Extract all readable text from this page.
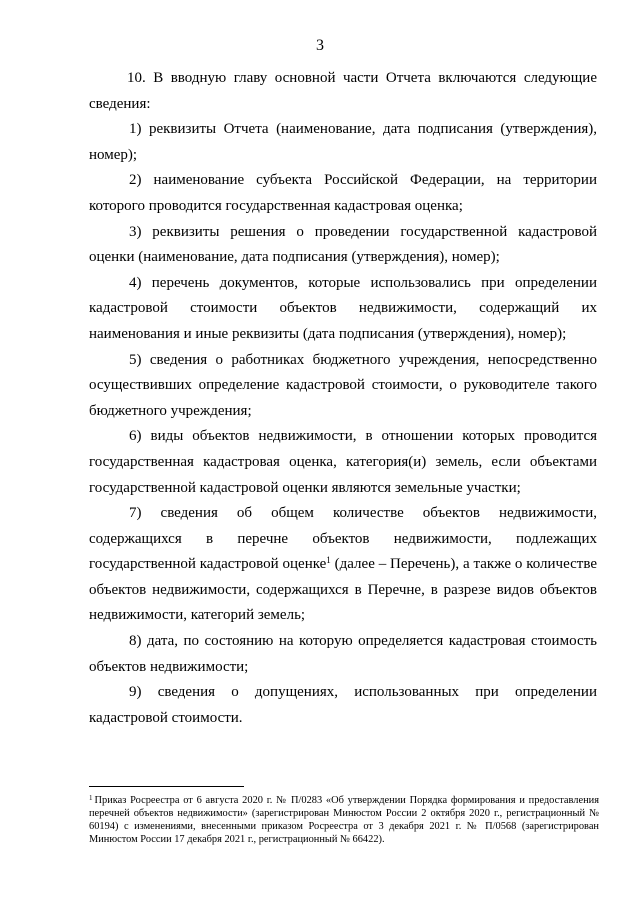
3

10. В вводную главу основной части Отчета включаются следующие сведения:

1) реквизиты Отчета (наименование, дата подписания (утверждения), номер);

2) наименование субъекта Российской Федерации, на территории которого проводится государственная кадастровая оценка;

3) реквизиты решения о проведении государственной кадастровой оценки (наименование, дата подписания (утверждения), номер);

4) перечень документов, которые использовались при определении кадастровой стоимости объектов недвижимости, содержащий их наименования и иные реквизиты (дата подписания (утверждения), номер);

5) сведения о работниках бюджетного учреждения, непосредственно осуществивших определение кадастровой стоимости, о руководителе такого бюджетного учреждения;

6) виды объектов недвижимости, в отношении которых проводится государственная кадастровая оценка, категория(и) земель, если объектами государственной кадастровой оценки являются земельные участки;

7) сведения об общем количестве объектов недвижимости, содержащихся в перечне объектов недвижимости, подлежащих государственной кадастровой оценке$^1$ (далее – Перечень), а также о количестве объектов недвижимости, содержащихся в Перечне, в разрезе видов объектов недвижимости, категорий земель;

8) дата, по состоянию на которую определяется кадастровая стоимость объектов недвижимости;

9) сведения о допущениях, использованных при определении кадастровой стоимости.

$^1$ Приказ Росреестра от 6 августа 2020 г. № П/0283 «Об утверждении Порядка формирования и предоставления перечней объектов недвижимости» (зарегистрирован Минюстом России 2 октября 2020 г., регистрационный № 60194) с изменениями, внесенными приказом Росреестра от 3 декабря 2021 г. № П/0568 (зарегистрирован Минюстом России 17 декабря 2021 г., регистрационный № 66422).
